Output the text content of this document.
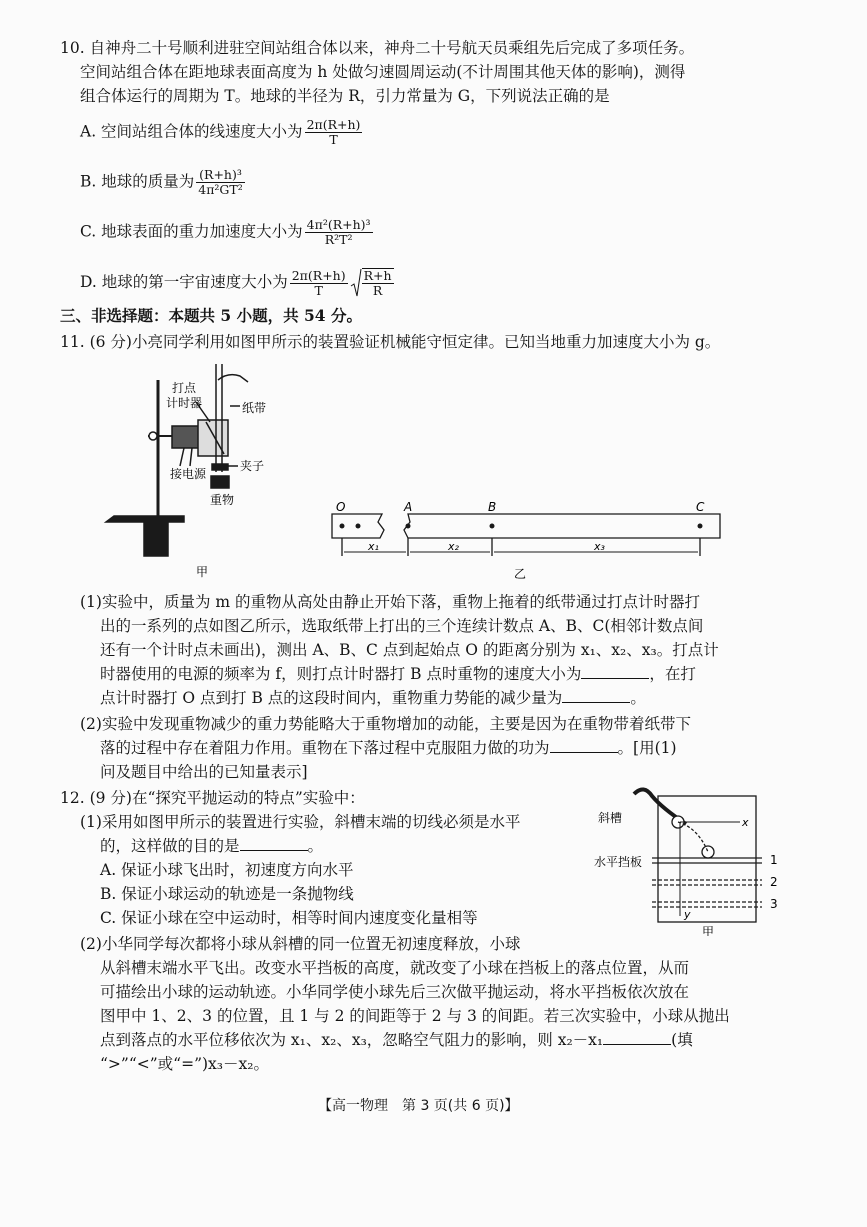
10. 自神舟二十号顺利进驻空间站组合体以来，神舟二十号航天员乘组先后完成了多项任务。
空间站组合体在距地球表面高度为 h 处做匀速圆周运动(不计周围其他天体的影响)，测得
组合体运行的周期为 T。地球的半径为 R，引力常量为 G，下列说法正确的是
A. 空间站组合体的线速度大小为 $\frac{2\pi(R+h)}{T}$
B. 地球的质量为 $\frac{\text{(R+h)³}}{\text{4π²GT²}}$
C. 地球表面的重力加速度大小为 $\frac{\text{4π²(R+h)³}}{\text{R²T²}}$
D. 地球的第一宇宙速度大小为 $\frac{2\pi(R+h)}{T} \frac{R+h}{R}$
三、非选择题：本题共 5 小题，共 54 分。
11. (6 分)小亮同学利用如图甲所示的装置验证机械能守恒定律。已知当地重力加速度大小为 g。
打点
计时器	纸带
接电源
夹子
重物
甲
O	A	B	C
x₁	x₂	x₃
乙
(1)实验中，质量为 m 的重物从高处由静止开始下落，重物上拖着的纸带通过打点计时器打
出的一系列的点如图乙所示，选取纸带上打出的三个连续计数点 A、B、C(相邻计数点间
还有一个计时点未画出)，测出 A、B、C 点到起始点 O 的距离分别为 x₁、x₂、x₃。打点计
时器使用的电源的频率为 f，则打点计时器打 B 点时重物的速度大小为	，在打
点计时器打 O 点到打 B 点的这段时间内，重物重力势能的减少量为	。
(2)实验中发现重物减少的重力势能略大于重物增加的动能，主要是因为在重物带着纸带下
落的过程中存在着阻力作用。重物在下落过程中克服阻力做的功为	。[用(1)
问及题目中给出的已知量表示]
12. (9 分)在“探究平抛运动的特点”实验中：
(1)采用如图甲所示的装置进行实验，斜槽末端的切线必须是水平
的，这样做的目的是	。
A. 保证小球飞出时，初速度方向水平
B. 保证小球运动的轨迹是一条抛物线
C. 保证小球在空中运动时，相等时间内速度变化量相等
(2)小华同学每次都将小球从斜槽的同一位置无初速度释放，小球
从斜槽末端水平飞出。改变水平挡板的高度，就改变了小球在挡板上的落点位置，从而
可描绘出小球的运动轨迹。小华同学使小球先后三次做平抛运动，将水平挡板依次放在
图甲中 1、2、3 的位置，且 1 与 2 的间距等于 2 与 3 的间距。若三次实验中，小球从抛出
点到落点的水平位移依次为 x₁、x₂、x₃，忽略空气阻力的影响，则 x₂－x₁	(填
“>”“<”或“=”)x₃－x₂。
斜槽
水平挡板	1
2
3
x
y
甲
【高一物理　第 3 页(共 6 页)】
